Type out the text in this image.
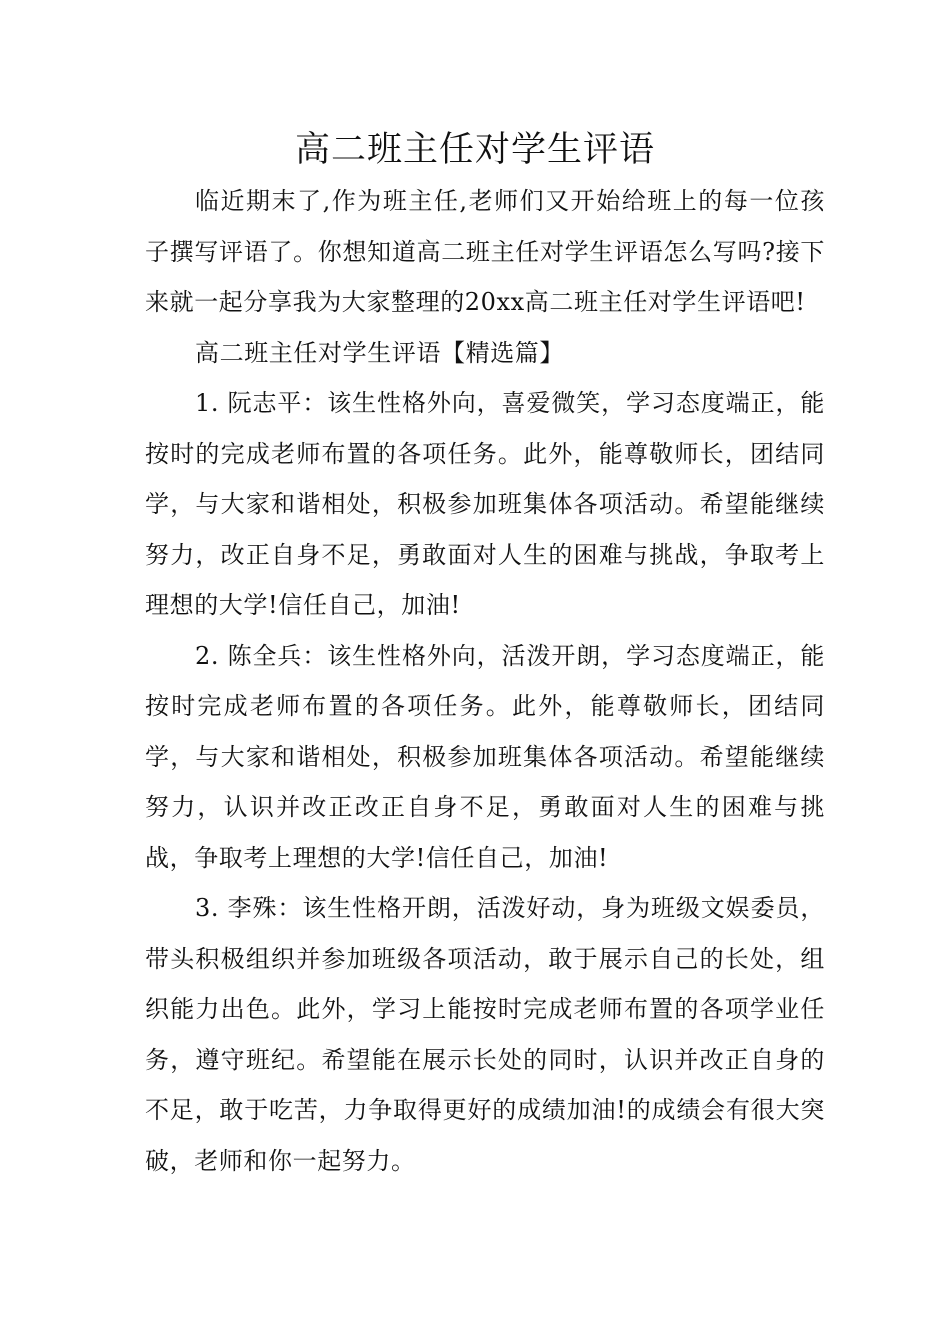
高二班主任对学生评语

临近期末了,作为班主任,老师们又开始给班上的每一位孩子撰写评语了。你想知道高二班主任对学生评语怎么写吗?接下来就一起分享我为大家整理的20xx高二班主任对学生评语吧!

高二班主任对学生评语【精选篇】

1. 阮志平：该生性格外向，喜爱微笑，学习态度端正，能按时的完成老师布置的各项任务。此外，能尊敬师长，团结同学，与大家和谐相处，积极参加班集体各项活动。希望能继续努力，改正自身不足，勇敢面对人生的困难与挑战，争取考上理想的大学!信任自己，加油!

2. 陈全兵：该生性格外向，活泼开朗，学习态度端正，能按时完成老师布置的各项任务。此外，能尊敬师长，团结同学，与大家和谐相处，积极参加班集体各项活动。希望能继续努力，认识并改正改正自身不足，勇敢面对人生的困难与挑战，争取考上理想的大学!信任自己，加油!

3. 李殊：该生性格开朗，活泼好动，身为班级文娱委员，带头积极组织并参加班级各项活动，敢于展示自己的长处，组织能力出色。此外，学习上能按时完成老师布置的各项学业任务，遵守班纪。希望能在展示长处的同时，认识并改正自身的不足，敢于吃苦，力争取得更好的成绩加油!的成绩会有很大突破，老师和你一起努力。
